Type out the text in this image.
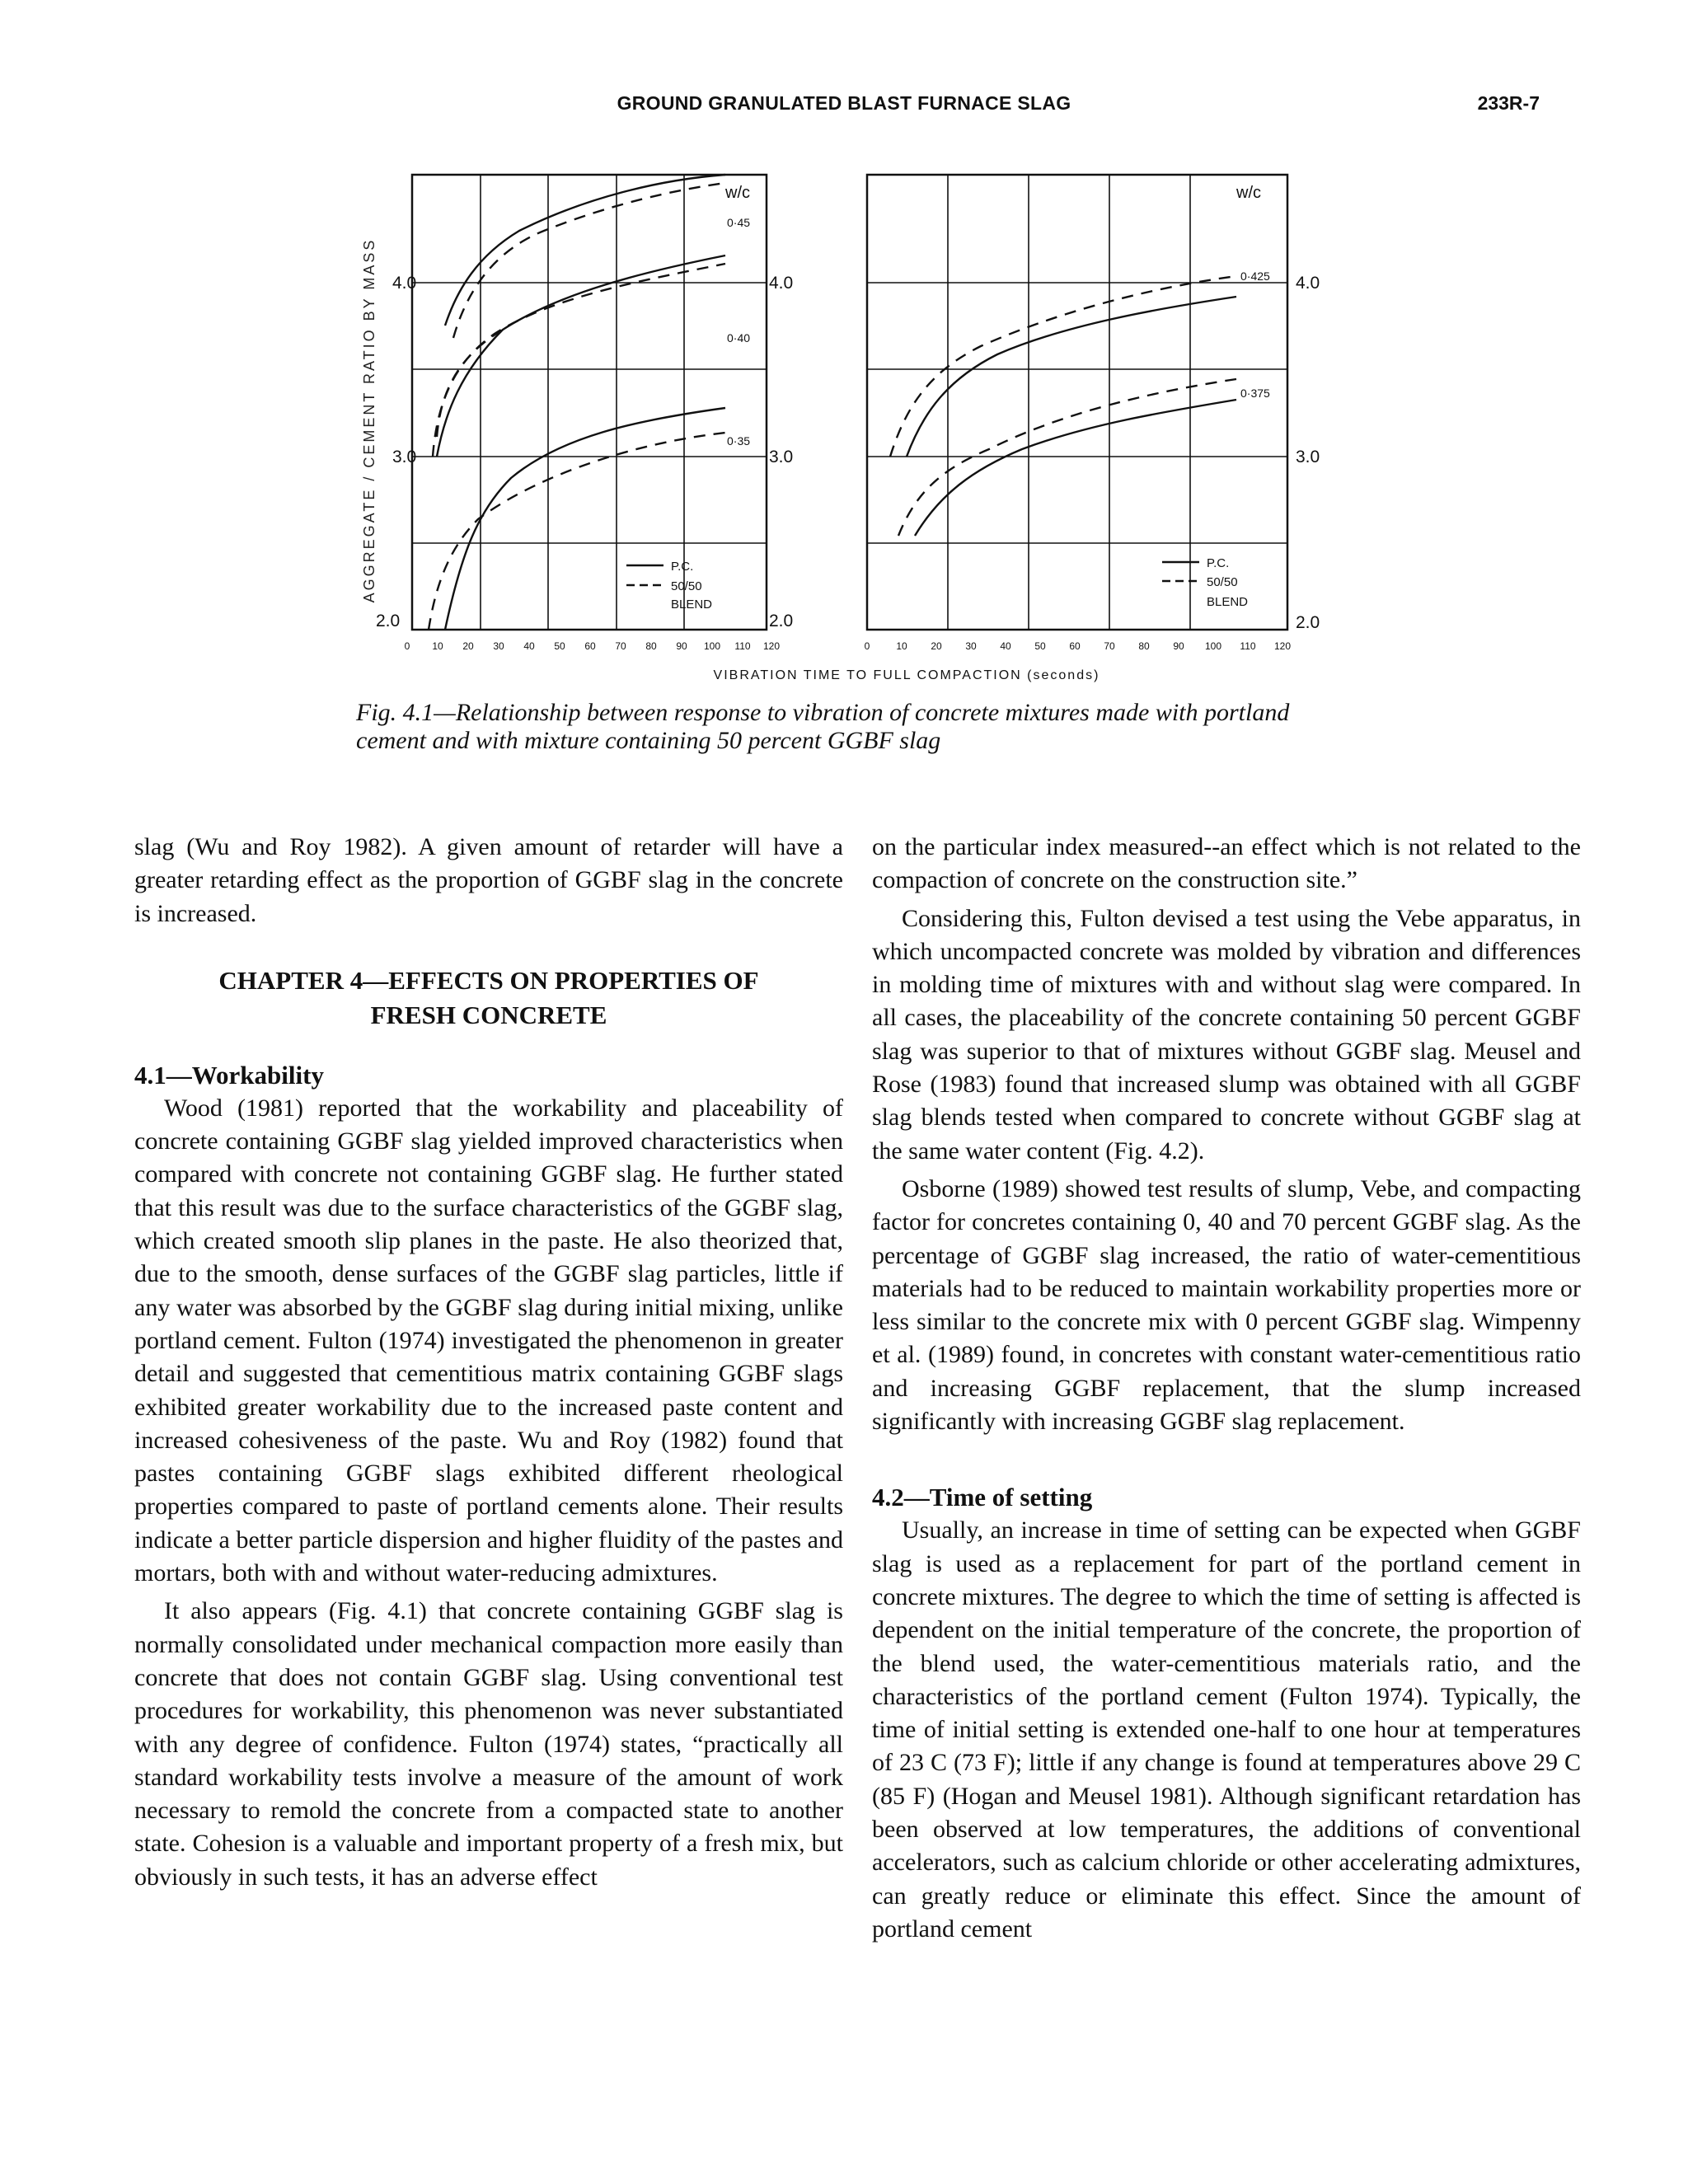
GROUND GRANULATED BLAST FURNACE SLAG	233R-7
AGGREGATE / CEMENT RATIO BY MASS
w/c
0·45
0·40
0·35
P.C.
50/50
BLEND
4.0
3.0
2.0
4.0
3.0
2.0
0 10 20 30 40 50 60 70 80 90 100 110 120
w/c
0·425
0·375
P.C.
50/50
BLEND
4.0
3.0
2.0
0	10 20 30 40 50 60 70 80 90 100 110 120
VIBRATION TIME TO FULL COMPACTION (seconds)
Fig. 4.1—Relationship between response to vibration of concrete mixtures made with portland cement and with mixture containing 50 percent GGBF slag

slag (Wu and Roy 1982). A given amount of retarder will have a greater retarding effect as the proportion of GGBF slag in the concrete is increased.

CHAPTER 4—EFFECTS ON PROPERTIES OF
FRESH CONCRETE
4.1—Workability

Wood (1981) reported that the workability and placeability of concrete containing GGBF slag yielded improved characteristics when compared with concrete not containing GGBF slag. He further stated that this result was due to the surface characteristics of the GGBF slag, which created smooth slip planes in the paste. He also theorized that, due to the smooth, dense surfaces of the GGBF slag particles, little if any water was absorbed by the GGBF slag during initial mixing, unlike portland cement. Fulton (1974) investigated the phenomenon in greater detail and suggested that cementitious matrix containing GGBF slags exhibited greater workability due to the increased paste content and increased cohesiveness of the paste. Wu and Roy (1982) found that pastes containing GGBF slags exhibited different rheological properties compared to paste of portland cements alone. Their results indicate a better particle dispersion and higher fluidity of the pastes and mortars, both with and without water-reducing admixtures.

It also appears (Fig. 4.1) that concrete containing GGBF slag is normally consolidated under mechanical compaction more easily than concrete that does not contain GGBF slag. Using conventional test procedures for workability, this phenomenon was never substantiated with any degree of confidence. Fulton (1974) states, “practically all standard workability tests involve a measure of the amount of work necessary to remold the concrete from a compacted state to another state. Cohesion is a valuable and important property of a fresh mix, but obviously in such tests, it has an adverse effect

on the particular index measured--an effect which is not related to the compaction of concrete on the construction site.”

Considering this, Fulton devised a test using the Vebe apparatus, in which uncompacted concrete was molded by vibration and differences in molding time of mixtures with and without slag were compared. In all cases, the placeability of the concrete containing 50 percent GGBF slag was superior to that of mixtures without GGBF slag. Meusel and Rose (1983) found that increased slump was obtained with all GGBF slag blends tested when compared to concrete without GGBF slag at the same water content (Fig. 4.2).

Osborne (1989) showed test results of slump, Vebe, and compacting factor for concretes containing 0, 40 and 70 percent GGBF slag. As the percentage of GGBF slag increased, the ratio of water-cementitious materials had to be reduced to maintain workability properties more or less similar to the concrete mix with 0 percent GGBF slag. Wimpenny et al. (1989) found, in concretes with constant water-cementitious ratio and increasing GGBF replacement, that the slump increased significantly with increasing GGBF slag replacement.

4.2—Time of setting

Usually, an increase in time of setting can be expected when GGBF slag is used as a replacement for part of the portland cement in concrete mixtures. The degree to which the time of setting is affected is dependent on the initial temperature of the concrete, the proportion of the blend used, the water-cementitious materials ratio, and the characteristics of the portland cement (Fulton 1974). Typically, the time of initial setting is extended one-half to one hour at temperatures of 23 C (73 F); little if any change is found at temperatures above 29 C (85 F) (Hogan and Meusel 1981). Although significant retardation has been observed at low temperatures, the additions of conventional accelerators, such as calcium chloride or other accelerating admixtures, can greatly reduce or eliminate this effect. Since the amount of portland cement
